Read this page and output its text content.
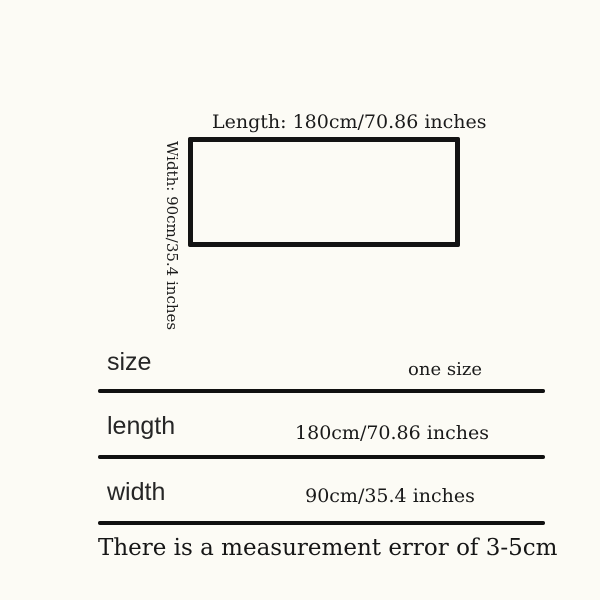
Length: 180cm/70.86 inches
Width: 90cm/35.4 inches
size	one size
length	180cm/70.86 inches
width	90cm/35.4 inches
There is a measurement error of 3-5cm
